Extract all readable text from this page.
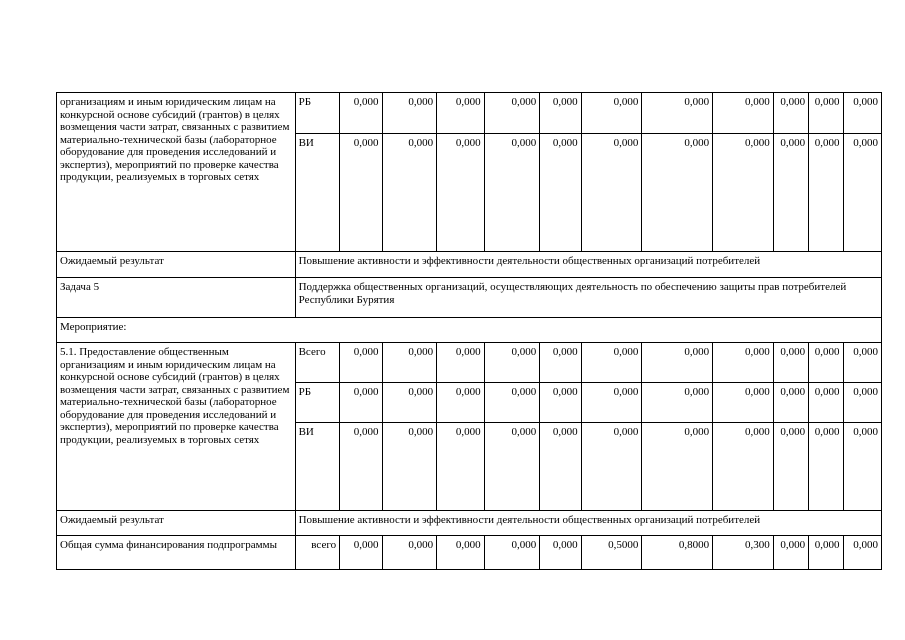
организациям и иным юридическим лицам на конкурсной основе субсидий (грантов) в целях возмещения части затрат, связанных с развитием материально-технической базы (лабораторное оборудование для проведения исследований и экспертиз), мероприятий по проверке качества продукции, реализуемых в торговых сетях	РБ	0,000	0,000	0,000	0,000	0,000	0,000	0,000	0,000	0,000	0,000	0,000
	ВИ	0,000	0,000	0,000	0,000	0,000	0,000	0,000	0,000	0,000	0,000	0,000
Ожидаемый результат	Повышение активности и эффективности деятельности общественных организаций потребителей											
Задача 5	Поддержка общественных организаций, осуществляющих деятельность по обеспечению защиты прав потребителей Республики Бурятия											
Мероприятие:												
5.1. Предоставление общественным организациям и иным юридическим лицам на конкурсной основе субсидий (грантов) в целях возмещения части затрат, связанных с развитием материально-технической базы (лабораторное оборудование для проведения исследований и экспертиз), мероприятий по проверке качества продукции, реализуемых в торговых сетях	Всего	0,000	0,000	0,000	0,000	0,000	0,000	0,000	0,000	0,000	0,000	0,000
	РБ	0,000	0,000	0,000	0,000	0,000	0,000	0,000	0,000	0,000	0,000	0,000
	ВИ	0,000	0,000	0,000	0,000	0,000	0,000	0,000	0,000	0,000	0,000	0,000
Ожидаемый результат	Повышение активности и эффективности деятельности общественных организаций потребителей											
Общая сумма финансирования подпрограммы	всего	0,000	0,000	0,000	0,000	0,000	0,5000	0,8000	0,300	0,000	0,000	0,000
